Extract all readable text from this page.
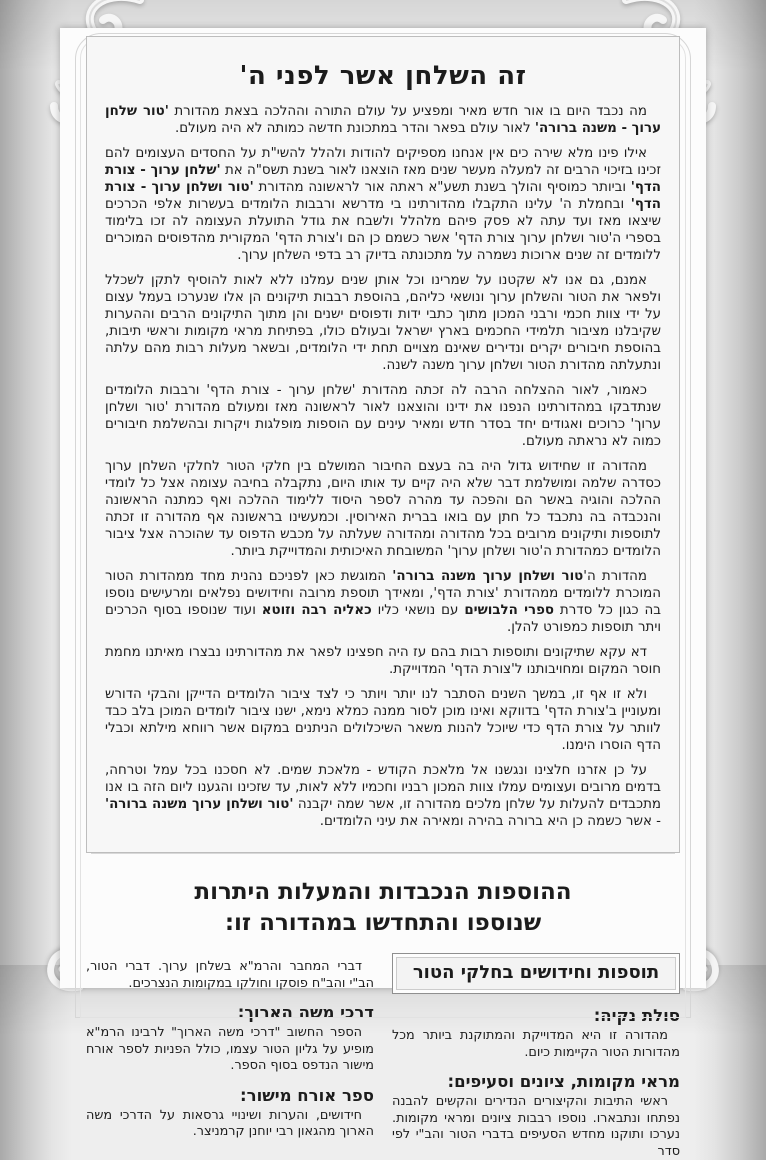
זה השלחן אשר לפני ה'

מה נכבד היום בו אור חדש מאיר ומפציע על עולם התורה וההלכה בצאת מהדורת 'טור שלחן ערוך - משנה ברורה' לאור עולם בפאר והדר במתכונת חדשה כמותה לא היה מעולם.

אילו פינו מלא שירה כים אין אנחנו מספיקים להודות ולהלל להשי"ת על החסדים העצומים להם זכינו בזיכוי הרבים זה למעלה מעשר שנים מאז הוצאנו לאור בשנת תשס"ה את 'שלחן ערוך - צורת הדף' וביותר כמוסיף והולך בשנת תשע"א ראתה אור לראשונה מהדורת 'טור ושלחן ערוך - צורת הדף' ובחמלת ה' עלינו התקבלו מהדורתינו בי מדרשא ורבבות הלומדים בעשרות אלפי הכרכים שיצאו מאז ועד עתה לא פסק פיהם מלהלל ולשבח את גודל התועלת העצומה לה זכו בלימוד בספרי ה'טור ושלחן ערוך צורת הדף' אשר כשמם כן הם ו'צורת הדף' המקורית מהדפוסים המוכרים ללומדים זה שנים ארוכות נשמרה על מתכונתה בדיוק רב בדפי השלחן ערוך.

אמנם, גם אנו לא שקטנו על שמרינו וכל אותן שנים עמלנו ללא לאות להוסיף לתקן לשכלל ולפאר את הטור והשלחן ערוך ונושאי כליהם, בהוספת רבבות תיקונים הן אלו שנערכו בעמל עצום על ידי צוות חכמי ורבני המכון מתוך כתבי ידות ודפוסים ישנים והן מתוך התיקונים הרבים וההערות שקיבלנו מציבור תלמידי החכמים בארץ ישראל ובעולם כולו, בפתיחת מראי מקומות וראשי תיבות, בהוספת חיבורים יקרים ונדירים שאינם מצויים תחת ידי הלומדים, ובשאר מעלות רבות מהם עלתה ונתעלתה מהדורת הטור ושלחן ערוך משנה לשנה.

כאמור, לאור ההצלחה הרבה לה זכתה מהדורת 'שלחן ערוך - צורת הדף' ורבבות הלומדים שנתדבקו במהדורתינו הנפנו את ידינו והוצאנו לאור לראשונה מאז ומעולם מהדורת 'טור ושלחן ערוך' כרוכים ואגודים יחד בסדר חדש ומאיר עינים עם הוספות מופלגות ויקרות ובהשלמת חיבורים כמוה לא נראתה מעולם.

מהדורה זו שחידוש גדול היה בה בעצם החיבור המושלם בין חלקי הטור לחלקי השלחן ערוך כסדרה שלמה ומושלמת דבר שלא היה קיים עד אותו היום, נתקבלה בחיבה עצומה אצל כל לומדי ההלכה והוגיה באשר הם והפכה עד מהרה לספר היסוד ללימוד ההלכה ואף כמתנה הראשונה והנכבדה בה נתכבד כל חתן עם בואו בברית האירוסין. וכמעשינו בראשונה אף מהדורה זו זכתה לתוספות ותיקונים מרובים בכל מהדורה ומהדורה שעלתה על מכבש הדפוס עד שהוכרה אצל ציבור הלומדים כמהדורת ה'טור ושלחן ערוך' המשובחת האיכותית והמדוייקת ביותר.

מהדורת ה'טור ושלחן ערוך משנה ברורה' המוגשת כאן לפניכם נהנית מחד ממהדורת הטור המוכרת ללומדים ממהדורת 'צורת הדף', ומאידך תוספת מרובה וחידושים נפלאים ומרעישים נוספו בה כגון כל סדרת ספרי הלבושים עם נושאי כליו כאליה רבה וזוטא ועוד שנוספו בסוף הכרכים ויתר תוספות כמפורט להלן.

דא עקא שתיקונים ותוספות רבות בהם עז היה חפצינו לפאר את מהדורתינו נבצרו מאיתנו מחמת חוסר המקום ומחויבותנו ל'צורת הדף' המדוייקת.

ולא זו אף זו, במשך השנים הסתבר לנו יותר ויותר כי לצד ציבור הלומדים הדייקן והבקי הדורש ומעוניין ב'צורת הדף' בדווקא ואינו מוכן לסור ממנה כמלא נימא, ישנו ציבור לומדים המוכן בלב כבד לוותר על צורת הדף כדי שיוכל להנות משאר השיכלולים הניתנים במקום אשר רווחא מילתא וכבלי הדף הוסרו הימנו.

על כן אזרנו חלצינו ונגשנו אל מלאכת הקודש - מלאכת שמים. לא חסכנו בכל עמל וטרחה, בדמים מרובים ועצומים עמלו צוות המכון רבניו וחכמיו ללא לאות, עד שזכינו והגענו ליום הזה בו אנו מתכבדים להעלות על שלחן מלכים מהדורה זו, אשר שמה יקבנה 'טור ושלחן ערוך משנה ברורה' - אשר כשמה כן היא ברורה בהירה ומאירה את עיני הלומדים.

ההוספות הנכבדות והמעלות היתרות
שנוספו והתחדשו במהדורה זו:
תוספות וחידושים בחלקי הטור
סולת נקיה:

מהדורה זו היא המדוייקת והמתוקנת ביותר מכל מהדורות הטור הקיימות כיום.

מראי מקומות, ציונים וסעיפים:

ראשי התיבות והקיצורים הנדירים והקשים להבנה נפתחו ונתבארו. נוספו רבבות ציונים ומראי מקומות. נערכו ותוקנו מחדש הסעיפים בדברי הטור והב"י לפי סדר

דברי המחבר והרמ"א בשלחן ערוך. דברי הטור, הב"י והב"ח פוסקו וחולקו במקומות הנצרכים.

דרכי משה הארוך:

הספר החשוב "דרכי משה הארוך" לרבינו הרמ"א מופיע על גליון הטור עצמו, כולל הפניות לספר אורח מישור הנדפס בסוף הספר.

ספר אורח מישור:

חידושים, והערות ושינויי גרסאות על הדרכי משה הארוך מהגאון רבי יוחנן קרמניצר.
